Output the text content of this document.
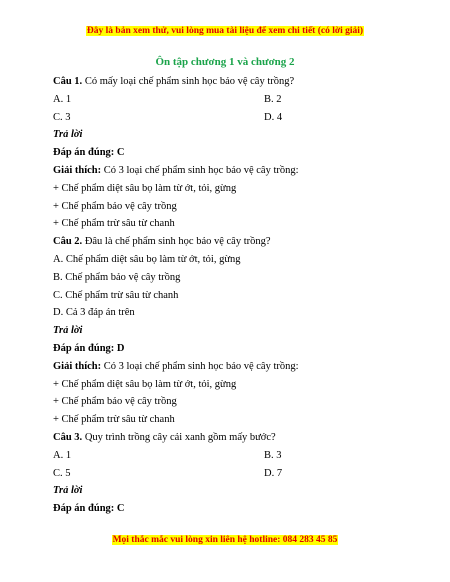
Đây là bản xem thử, vui lòng mua tài liệu để xem chi tiết (có lời giải)
Ôn tập chương 1 và chương 2
Câu 1. Có mấy loại chế phẩm sinh học bảo vệ cây trồng?
A. 1	B. 2
C. 3	D. 4
Trả lời
Đáp án đúng: C
Giải thích: Có 3 loại chế phẩm sinh học bảo vệ cây trồng:
+ Chế phẩm diệt sâu bọ làm từ ớt, tỏi, gừng
+ Chế phẩm bảo vệ cây trồng
+ Chế phẩm trừ sâu từ chanh
Câu 2. Đâu là chế phẩm sinh học bảo vệ cây trồng?
A. Chế phẩm diệt sâu bọ làm từ ớt, tỏi, gừng
B. Chế phẩm bảo vệ cây trồng
C. Chế phẩm trừ sâu từ chanh
D. Cả 3 đáp án trên
Trả lời
Đáp án đúng: D
Giải thích: Có 3 loại chế phẩm sinh học bảo vệ cây trồng:
+ Chế phẩm diệt sâu bọ làm từ ớt, tỏi, gừng
+ Chế phẩm bảo vệ cây trồng
+ Chế phẩm trừ sâu từ chanh
Câu 3. Quy trình trồng cây cải xanh gồm mấy bước?
A. 1	B. 3
C. 5	D. 7
Trả lời
Đáp án đúng: C
Mọi thắc mắc vui lòng xin liên hệ hotline: 084 283 45 85
